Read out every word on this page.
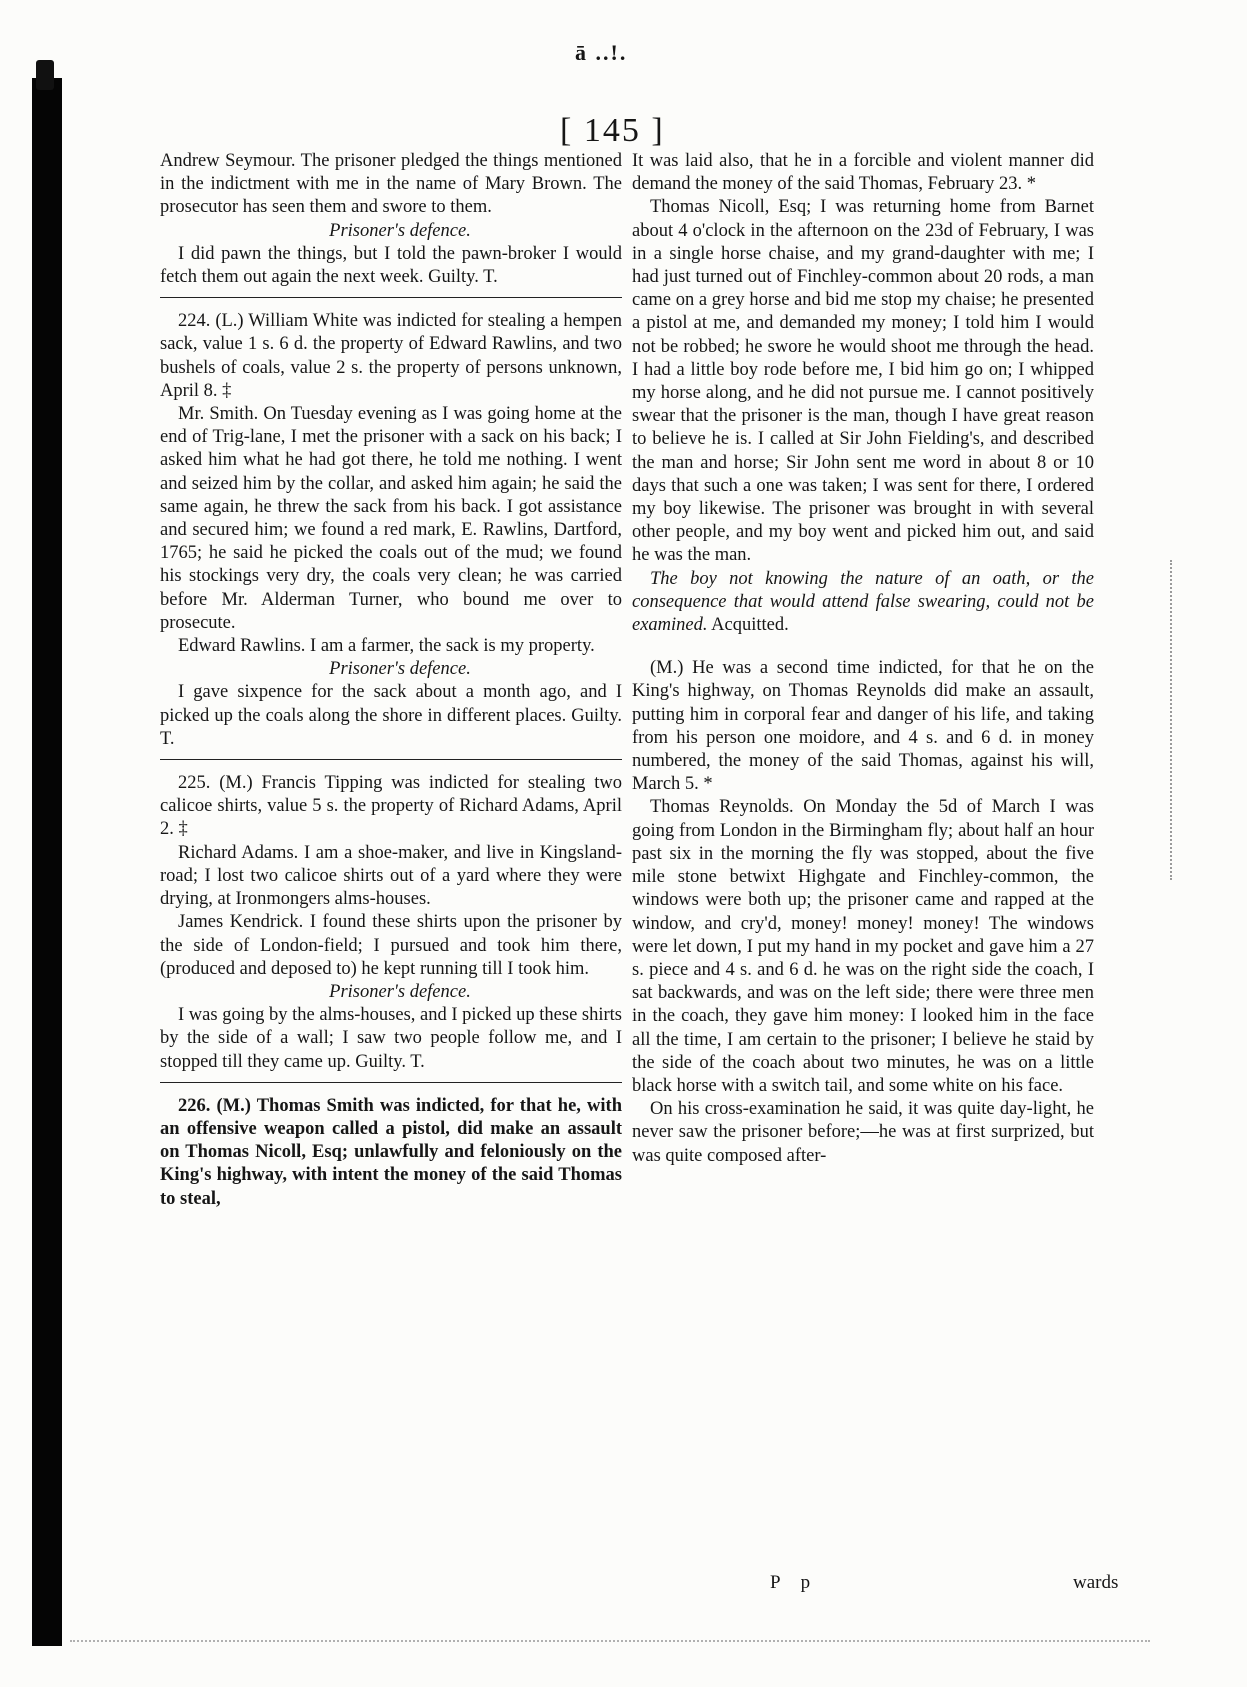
ā ..!.
[ 145 ]

Andrew Seymour. The prisoner pledged the things mentioned in the indictment with me in the name of Mary Brown. The prosecutor has seen them and swore to them.

Prisoner's defence.

I did pawn the things, but I told the pawn-broker I would fetch them out again the next week. Guilty. T.

224. (L.) William White was indicted for stealing a hempen sack, value 1 s. 6 d. the property of Edward Rawlins, and two bushels of coals, value 2 s. the property of persons unknown, April 8. ‡

Mr. Smith. On Tuesday evening as I was going home at the end of Trig-lane, I met the prisoner with a sack on his back; I asked him what he had got there, he told me nothing. I went and seized him by the collar, and asked him again; he said the same again, he threw the sack from his back. I got assistance and secured him; we found a red mark, E. Rawlins, Dartford, 1765; he said he picked the coals out of the mud; we found his stockings very dry, the coals very clean; he was carried before Mr. Alderman Turner, who bound me over to prosecute.

Edward Rawlins. I am a farmer, the sack is my property.

Prisoner's defence.

I gave sixpence for the sack about a month ago, and I picked up the coals along the shore in different places. Guilty. T.

225. (M.) Francis Tipping was indicted for stealing two calicoe shirts, value 5 s. the property of Richard Adams, April 2. ‡

Richard Adams. I am a shoe-maker, and live in Kingsland-road; I lost two calicoe shirts out of a yard where they were drying, at Ironmongers alms-houses.

James Kendrick. I found these shirts upon the prisoner by the side of London-field; I pursued and took him there, (produced and deposed to) he kept running till I took him.

Prisoner's defence.

I was going by the alms-houses, and I picked up these shirts by the side of a wall; I saw two people follow me, and I stopped till they came up. Guilty. T.

226. (M.) Thomas Smith was indicted, for that he, with an offensive weapon called a pistol, did make an assault on Thomas Nicoll, Esq; unlawfully and feloniously on the King's highway, with intent the money of the said Thomas to steal,

It was laid also, that he in a forcible and violent manner did demand the money of the said Thomas, February 23. *

Thomas Nicoll, Esq; I was returning home from Barnet about 4 o'clock in the afternoon on the 23d of February, I was in a single horse chaise, and my grand-daughter with me; I had just turned out of Finchley-common about 20 rods, a man came on a grey horse and bid me stop my chaise; he presented a pistol at me, and demanded my money; I told him I would not be robbed; he swore he would shoot me through the head. I had a little boy rode before me, I bid him go on; I whipped my horse along, and he did not pursue me. I cannot positively swear that the prisoner is the man, though I have great reason to believe he is. I called at Sir John Fielding's, and described the man and horse; Sir John sent me word in about 8 or 10 days that such a one was taken; I was sent for there, I ordered my boy likewise. The prisoner was brought in with several other people, and my boy went and picked him out, and said he was the man.

The boy not knowing the nature of an oath, or the consequence that would attend false swearing, could not be examined. Acquitted.

(M.) He was a second time indicted, for that he on the King's highway, on Thomas Reynolds did make an assault, putting him in corporal fear and danger of his life, and taking from his person one moidore, and 4 s. and 6 d. in money numbered, the money of the said Thomas, against his will, March 5. *

Thomas Reynolds. On Monday the 5d of March I was going from London in the Birmingham fly; about half an hour past six in the morning the fly was stopped, about the five mile stone betwixt Highgate and Finchley-common, the windows were both up; the prisoner came and rapped at the window, and cry'd, money! money! money! The windows were let down, I put my hand in my pocket and gave him a 27 s. piece and 4 s. and 6 d. he was on the right side the coach, I sat backwards, and was on the left side; there were three men in the coach, they gave him money: I looked him in the face all the time, I am certain to the prisoner; I believe he staid by the side of the coach about two minutes, he was on a little black horse with a switch tail, and some white on his face.

On his cross-examination he said, it was quite day-light, he never saw the prisoner before;—he was at first surprized, but was quite composed after-

P p	wards
